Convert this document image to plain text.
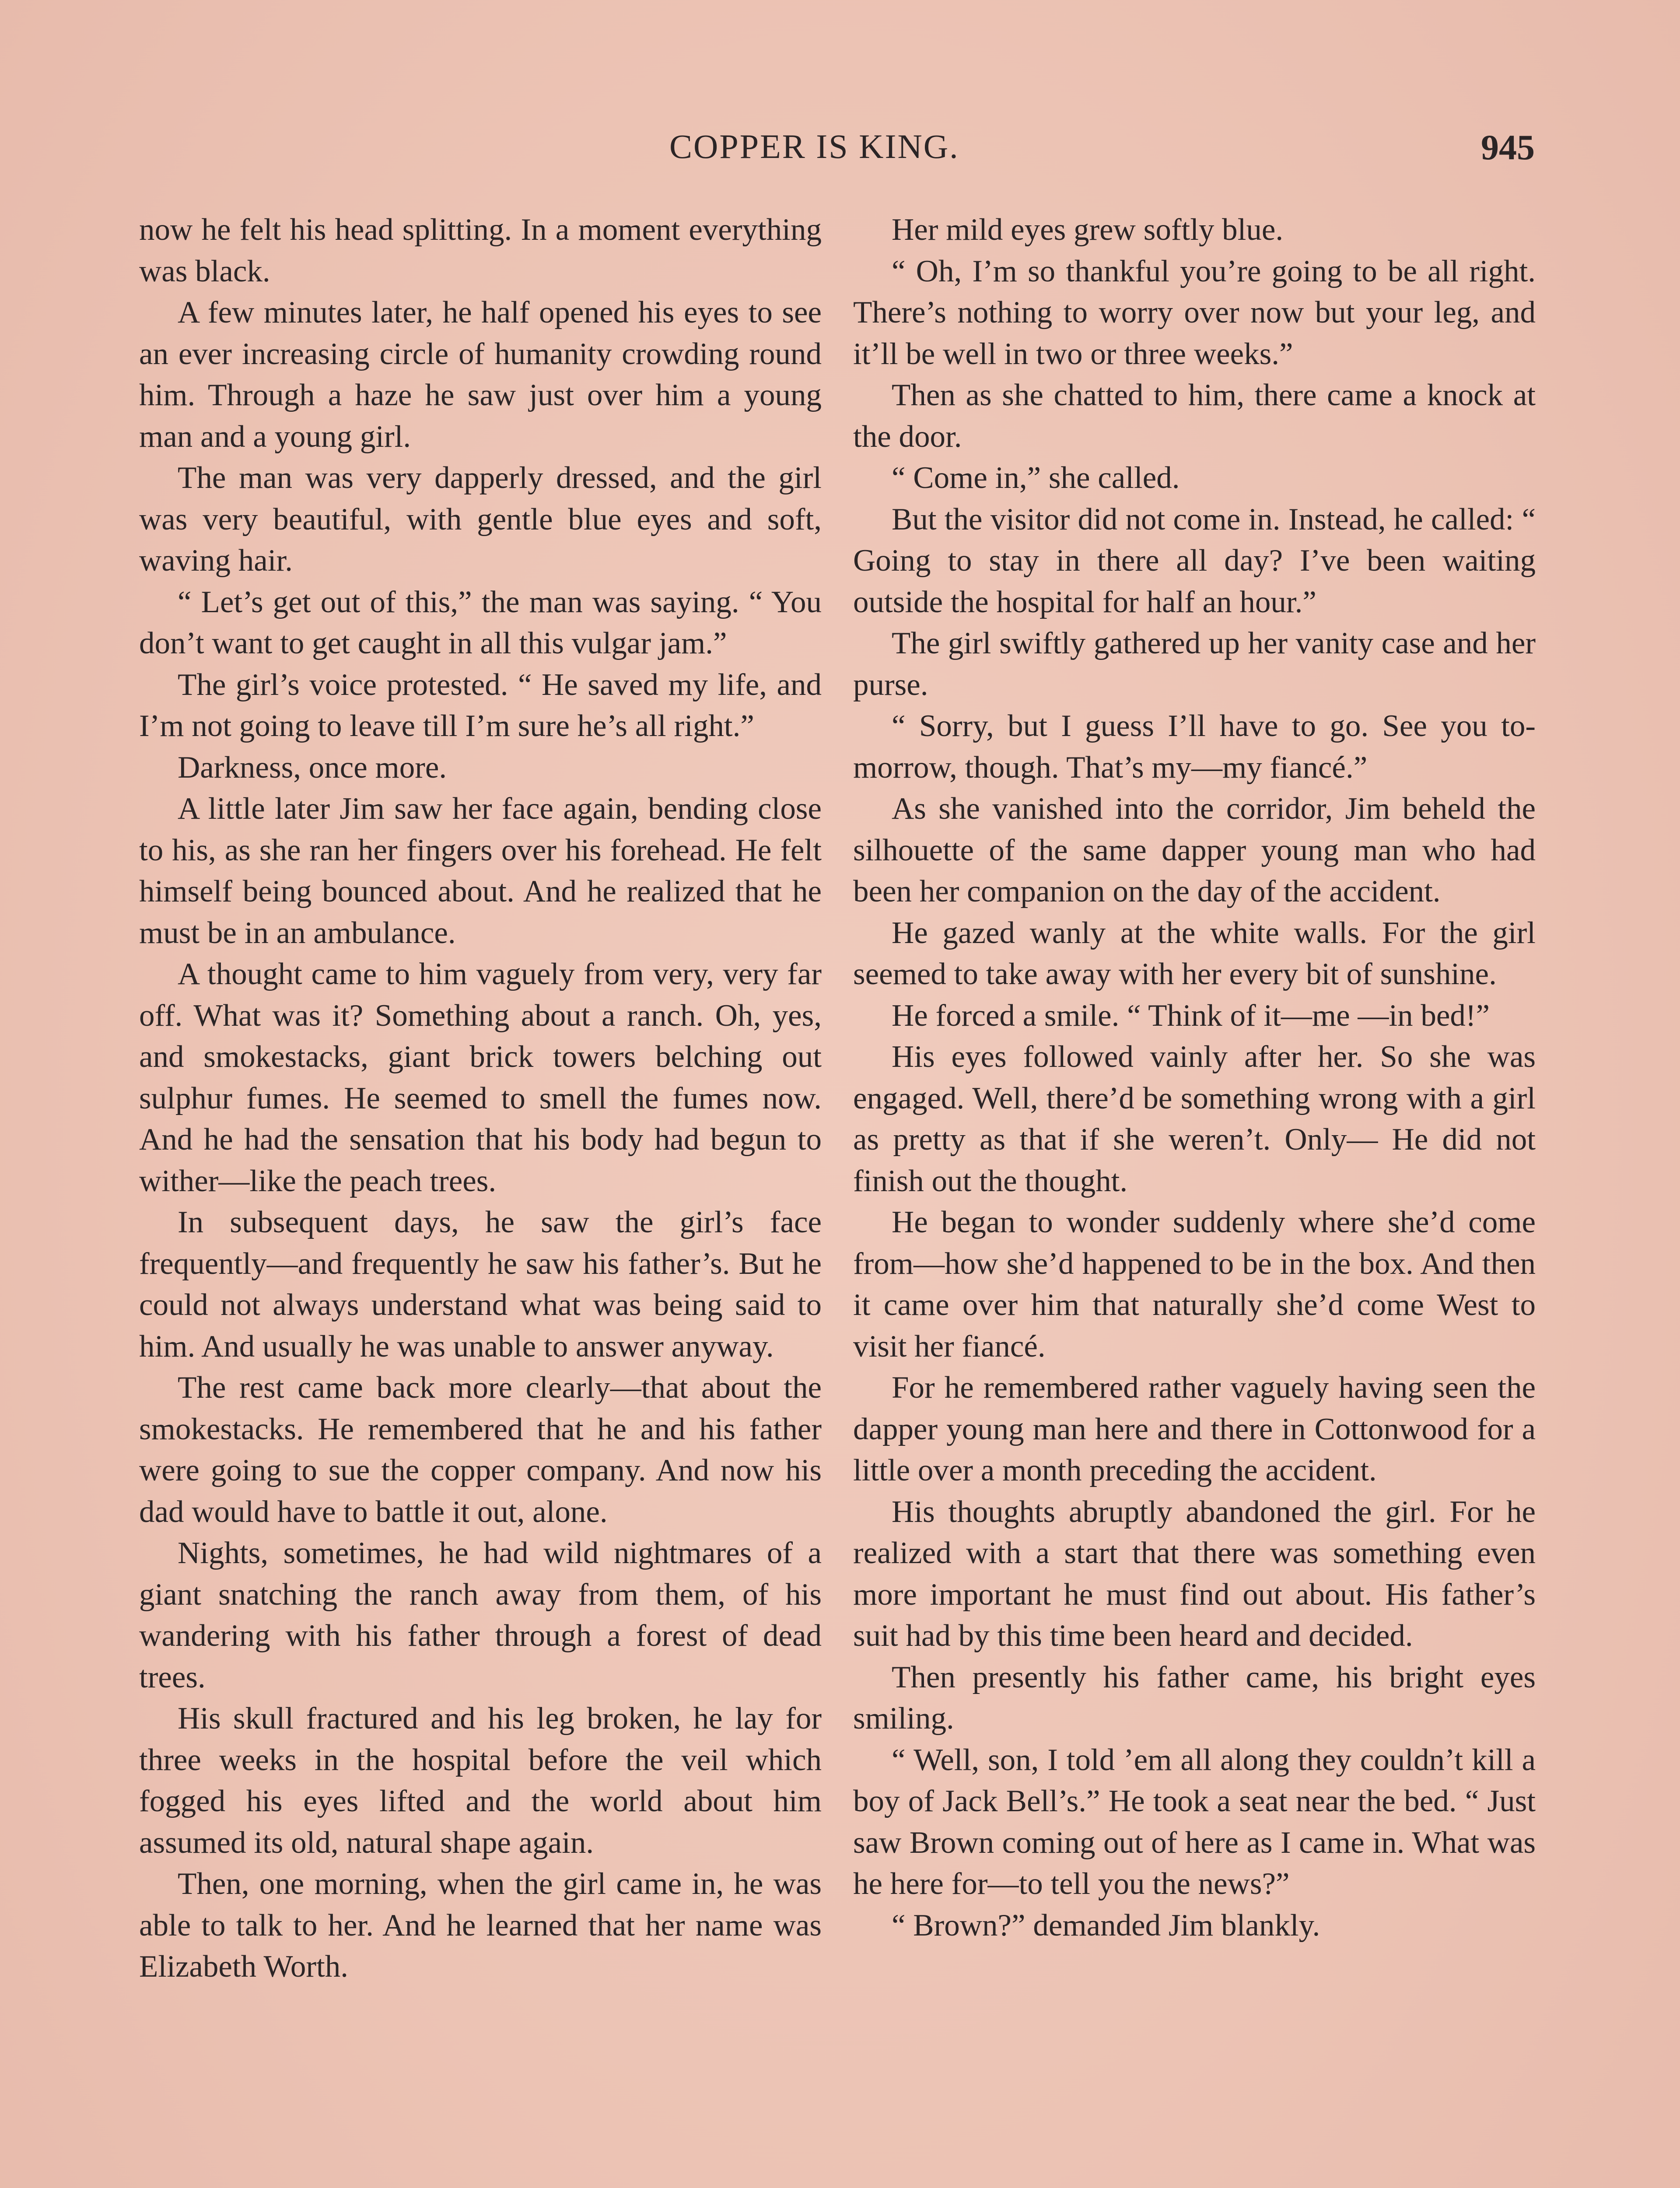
COPPER IS KING.	945

now he felt his head splitting. In a moment everything was black.

A few minutes later, he half opened his eyes to see an ever increasing circle of humanity crowding round him. Through a haze he saw just over him a young man and a young girl.

The man was very dapperly dressed, and the girl was very beautiful, with gentle blue eyes and soft, waving hair.

“ Let’s get out of this,” the man was saying. “ You don’t want to get caught in all this vulgar jam.”

The girl’s voice protested. “ He saved my life, and I’m not going to leave till I’m sure he’s all right.”

Darkness, once more.

A little later Jim saw her face again, bending close to his, as she ran her fingers over his forehead. He felt himself being bounced about. And he realized that he must be in an ambulance.

A thought came to him vaguely from very, very far off. What was it? Something about a ranch. Oh, yes, and smokestacks, giant brick towers belching out sulphur fumes. He seemed to smell the fumes now. And he had the sensation that his body had begun to wither—like the peach trees.

In subsequent days, he saw the girl’s face frequently—and frequently he saw his father’s. But he could not always understand what was being said to him. And usually he was unable to answer anyway.

The rest came back more clearly—that about the smokestacks. He remembered that he and his father were going to sue the copper company. And now his dad would have to battle it out, alone.

Nights, sometimes, he had wild nightmares of a giant snatching the ranch away from them, of his wandering with his father through a forest of dead trees.

His skull fractured and his leg broken, he lay for three weeks in the hospital before the veil which fogged his eyes lifted and the world about him assumed its old, natural shape again.

Then, one morning, when the girl came in, he was able to talk to her. And he learned that her name was Elizabeth Worth.

Her mild eyes grew softly blue.

“ Oh, I’m so thankful you’re going to be all right. There’s nothing to worry over now but your leg, and it’ll be well in two or three weeks.”

Then as she chatted to him, there came a knock at the door.

“ Come in,” she called.

But the visitor did not come in. Instead, he called: “ Going to stay in there all day? I’ve been waiting outside the hospital for half an hour.”

The girl swiftly gathered up her vanity case and her purse.

“ Sorry, but I guess I’ll have to go. See you to-morrow, though. That’s my—my fiancé.”

As she vanished into the corridor, Jim beheld the silhouette of the same dapper young man who had been her companion on the day of the accident.

He gazed wanly at the white walls. For the girl seemed to take away with her every bit of sunshine.

He forced a smile. “ Think of it—me —in bed!”

His eyes followed vainly after her. So she was engaged. Well, there’d be something wrong with a girl as pretty as that if she weren’t. Only— He did not finish out the thought.

He began to wonder suddenly where she’d come from—how she’d happened to be in the box. And then it came over him that naturally she’d come West to visit her fiancé.

For he remembered rather vaguely having seen the dapper young man here and there in Cottonwood for a little over a month preceding the accident.

His thoughts abruptly abandoned the girl. For he realized with a start that there was something even more important he must find out about. His father’s suit had by this time been heard and decided.

Then presently his father came, his bright eyes smiling.

“ Well, son, I told ’em all along they couldn’t kill a boy of Jack Bell’s.” He took a seat near the bed. “ Just saw Brown coming out of here as I came in. What was he here for—to tell you the news?”

“ Brown?” demanded Jim blankly.
